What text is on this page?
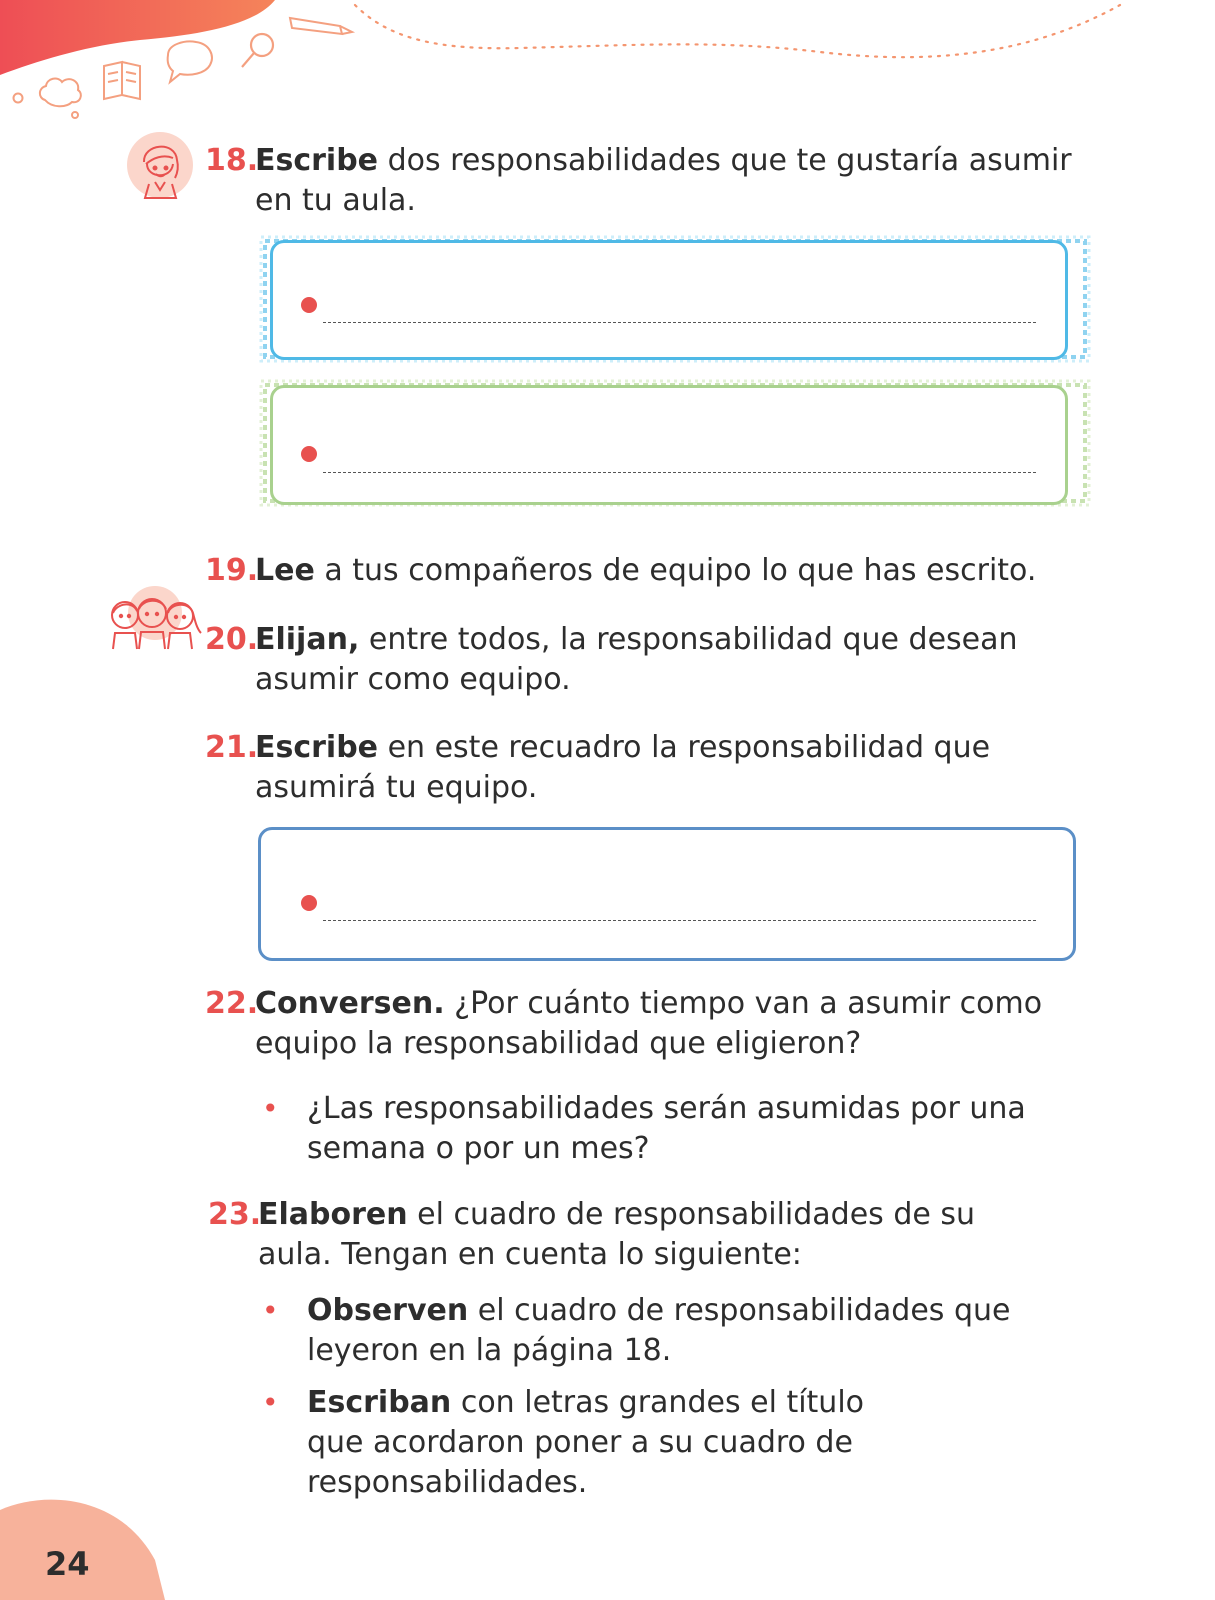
24
18.
Escribe dos responsabilidades que te gustaría asumir en tu aula.
19.
Lee a tus compañeros de equipo lo que has escrito.
20.
Elijan, entre todos, la responsabilidad que desean asumir como equipo.
21.
Escribe en este recuadro la responsabilidad que asumirá tu equipo.
22.
Conversen. ¿Por cuánto tiempo van a asumir como equipo la responsabilidad que eligieron?
• ¿Las responsabilidades serán asumidas por una semana o por un mes?
23.
Elaboren el cuadro de responsabilidades de su aula. Tengan en cuenta lo siguiente:
• Observen el cuadro de responsabilidades que leyeron en la página 18.
• Escriban con letras grandes el título que acordaron poner a su cuadro de responsabilidades.
